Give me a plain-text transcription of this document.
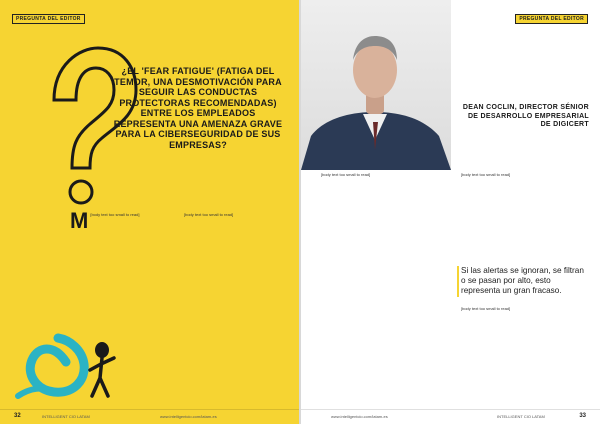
PREGUNTA DEL EDITOR
¿EL 'FEAR FATIGUE' (FATIGA DEL TEMOR, UNA DESMOTIVACIÓN PARA SEGUIR LAS CONDUCTAS PROTECTORAS RECOMENDADAS) ENTRE LOS EMPLEADOS REPRESENTA UNA AMENAZA GRAVE PARA LA CIBERSEGURIDAD DE SUS EMPRESAS?
M [body text too small to read]	[body text too small to read]
PREGUNTA DEL EDITOR
DEAN COCLIN, DIRECTOR SÉNIOR DE DESARROLLO EMPRESARIAL DE DIGICERT
[body text too small to read]	[body text too small to read]
Si las alertas se ignoran, se filtran o se pasan por alto, esto representa un gran fracaso.
[body text too small to read]
32	INTELLIGENT CIO LATAM	www.intelligentcio.com/latam-es	www.intelligentcio.com/latam-es	INTELLIGENT CIO LATAM	33
